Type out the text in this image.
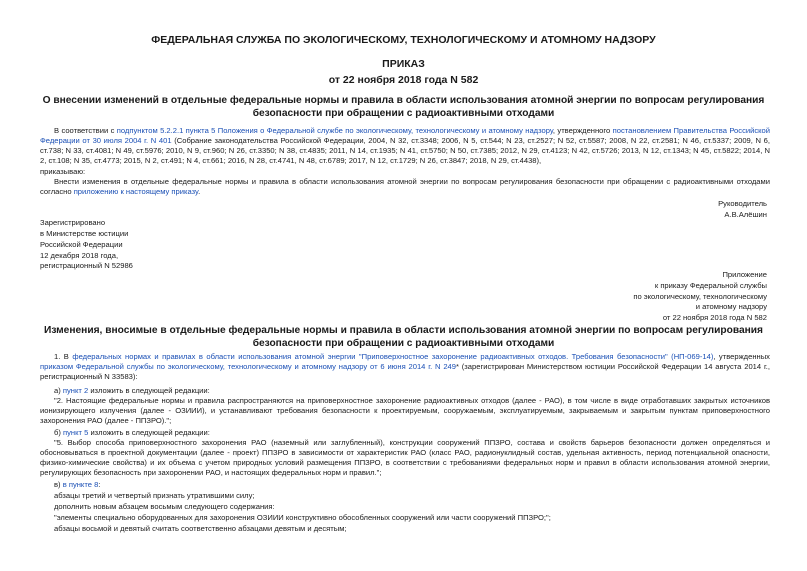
ФЕДЕРАЛЬНАЯ СЛУЖБА ПО ЭКОЛОГИЧЕСКОМУ, ТЕХНОЛОГИЧЕСКОМУ И АТОМНОМУ НАДЗОРУ
ПРИКАЗ
от 22 ноября 2018 года N 582
О внесении изменений в отдельные федеральные нормы и правила в области использования атомной энергии по вопросам регулирования безопасности при обращении с радиоактивными отходами
В соответствии с подпунктом 5.2.2.1 пункта 5 Положения о Федеральной службе по экологическому, технологическому и атомному надзору, утвержденного постановлением Правительства Российской Федерации от 30 июля 2004 г. N 401 (Собрание законодательства Российской Федерации, 2004, N 32, ст.3348; 2006, N 5, ст.544; N 23, ст.2527; N 52, ст.5587; 2008, N 22, ст.2581; N 46, ст.5337; 2009, N 6, ст.738; N 33, ст.4081; N 49, ст.5976; 2010, N 9, ст.960; N 26, ст.3350; N 38, ст.4835; 2011, N 14, ст.1935; N 41, ст.5750; N 50, ст.7385; 2012, N 29, ст.4123; N 42, ст.5726; 2013, N 12, ст.1343; N 45, ст.5822; 2014, N 2, ст.108; N 35, ст.4773; 2015, N 2, ст.491; N 4, ст.661; 2016, N 28, ст.4741, N 48, ст.6789; 2017, N 12, ст.1729; N 26, ст.3847; 2018, N 29, ст.4438),
приказываю:
Внести изменения в отдельные федеральные нормы и правила в области использования атомной энергии по вопросам регулирования безопасности при обращении с радиоактивными отходами согласно приложению к настоящему приказу.
Руководитель
А.В.Алёшин
Зарегистрировано
в Министерстве юстиции
Российской Федерации
12 декабря 2018 года,
регистрационный N 52986
Приложение
к приказу Федеральной службы
по экологическому, технологическому
и атомному надзору
от 22 ноября 2018 года N 582
Изменения, вносимые в отдельные федеральные нормы и правила в области использования атомной энергии по вопросам регулирования безопасности при обращении с радиоактивными отходами
1. В федеральных нормах и правилах в области использования атомной энергии "Приповерхностное захоронение радиоактивных отходов. Требования безопасности" (НП-069-14), утвержденных приказом Федеральной службы по экологическому, технологическому и атомному надзору от 6 июня 2014 г. N 249* (зарегистрирован Министерством юстиции Российской Федерации 14 августа 2014 г., регистрационный N 33583):
а) пункт 2 изложить в следующей редакции:
"2. Настоящие федеральные нормы и правила распространяются на приповерхностное захоронение радиоактивных отходов (далее - РАО), в том числе в виде отработавших закрытых источников ионизирующего излучения (далее - ОЗИИИ), и устанавливают требования безопасности к проектируемым, сооружаемым, эксплуатируемым, закрываемым и закрытым пунктам приповерхностного захоронения РАО (далее - ППЗРО).";
б) пункт 5 изложить в следующей редакции:
"5. Выбор способа приповерхностного захоронения РАО (наземный или заглубленный), конструкции сооружений ППЗРО, состава и свойств барьеров безопасности должен определяться и обосновываться в проектной документации (далее - проект) ППЗРО в зависимости от характеристик РАО (класс РАО, радионуклидный состав, удельная активность, период потенциальной опасности, физико-химические свойства) и их объема с учетом природных условий размещения ППЗРО, в соответствии с требованиями федеральных норм и правил в области использования атомной энергии, регулирующих безопасность при захоронении РАО, и настоящих федеральных норм и правил.";
в) в пункте 8:
абзацы третий и четвертый признать утратившими силу;
дополнить новым абзацем восьмым следующего содержания:
"элементы специально оборудованных для захоронения ОЗИИИ конструктивно обособленных сооружений или части сооружений ППЗРО;";
абзацы восьмой и девятый считать соответственно абзацами девятым и десятым;
